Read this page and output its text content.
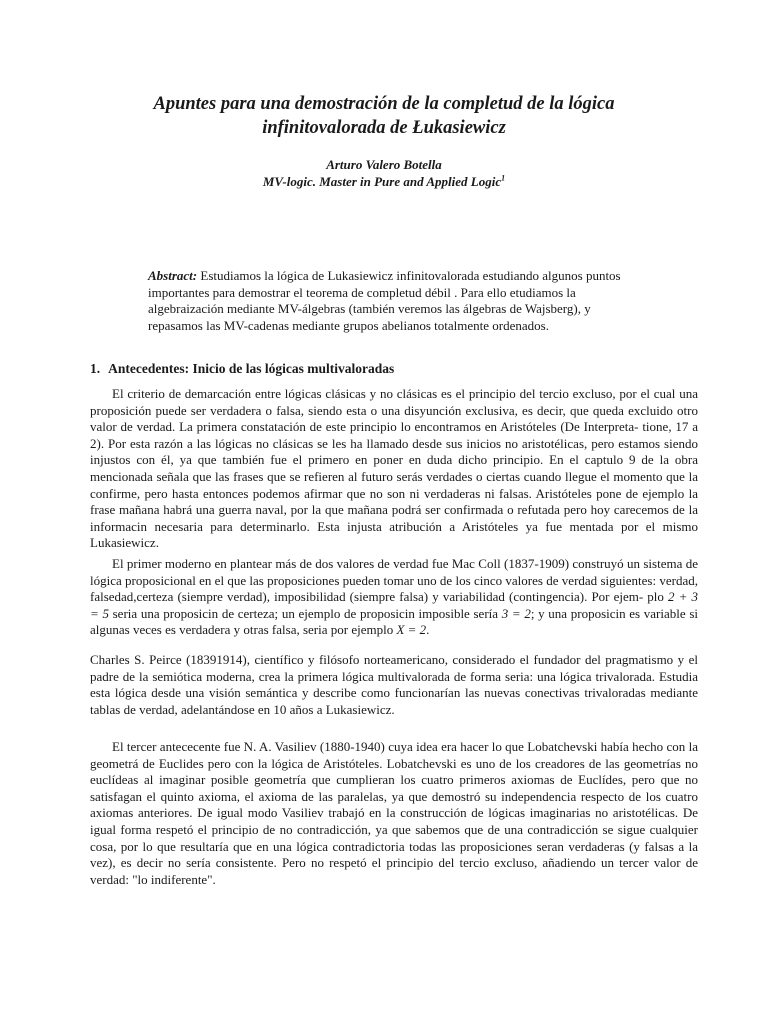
Apuntes para una demostración de la completud de la lógica
infinitovalorada de Łukasiewicz
Arturo Valero Botella
MV-logic. Master in Pure and Applied Logic$^1$
Abstract: Estudiamos la lógica de Lukasiewicz infinitovalorada estudiando algunos puntos importantes para demostrar el teorema de completud débil . Para ello etudiamos la algebraización mediante MV-álgebras (también veremos las álgebras de Wajsberg), y repasamos las MV-cadenas mediante grupos abelianos totalmente ordenados.
1. Antecedentes: Inicio de las lógicas multivaloradas

El criterio de demarcación entre lógicas clásicas y no clásicas es el principio del tercio excluso, por el cual una proposición puede ser verdadera o falsa, siendo esta o una disyunción exclusiva, es decir, que queda excluido otro valor de verdad. La primera constatación de este principio lo encontramos en Aristóteles (De Interpreta- tione, 17 a 2). Por esta razón a las lógicas no clásicas se les ha llamado desde sus inicios no aristotélicas, pero estamos siendo injustos con él, ya que también fue el primero en poner en duda dicho principio. En el captulo 9 de la obra mencionada señala que las frases que se refieren al futuro serás verdades o ciertas cuando llegue el momento que la confirme, pero hasta entonces podemos afirmar que no son ni verdaderas ni falsas. Aristóteles pone de ejemplo la frase mañana habrá una guerra naval, por la que mañana podrá ser confirmada o refutada pero hoy carecemos de la informacin necesaria para determinarlo. Esta injusta atribución a Aristóteles ya fue mentada por el mismo Lukasiewicz.

El primer moderno en plantear más de dos valores de verdad fue Mac Coll (1837-1909) construyó un sistema de lógica proposicional en el que las proposiciones pueden tomar uno de los cinco valores de verdad siguientes: verdad, falsedad,certeza (siempre verdad), imposibilidad (siempre falsa) y variabilidad (contingencia). Por ejem- plo 2 + 3 = 5 seria una proposicin de certeza; un ejemplo de proposicin imposible sería 3 = 2; y una proposicin es variable si algunas veces es verdadera y otras falsa, seria por ejemplo X = 2.

Charles S. Peirce (18391914), científico y filósofo norteamericano, considerado el fundador del pragmatismo y el padre de la semiótica moderna, crea la primera lógica multivalorada de forma seria: una lógica trivalorada. Estudia esta lógica desde una visión semántica y describe como funcionarían las nuevas conectivas trivaloradas mediante tablas de verdad, adelantándose en 10 años a Lukasiewicz.

El tercer antececente fue N. A. Vasiliev (1880-1940) cuya idea era hacer lo que Lobatchevski había hecho con la geometrá de Euclides pero con la lógica de Aristóteles. Lobatchevski es uno de los creadores de las geometrías no euclídeas al imaginar posible geometría que cumplieran los cuatro primeros axiomas de Euclídes, pero que no satisfagan el quinto axioma, el axioma de las paralelas, ya que demostró su independencia respecto de los cuatro axiomas anteriores. De igual modo Vasiliev trabajó en la construcción de lógicas imaginarias no aristotélicas. De igual forma respetó el principio de no contradicción, ya que sabemos que de una contradicción se sigue cualquier cosa, por lo que resultaría que en una lógica contradictoria todas las proposiciones seran verdaderas (y falsas a la vez), es decir no sería consistente. Pero no respetó el principio del tercio excluso, añadiendo un tercer valor de verdad: "lo indiferente".
